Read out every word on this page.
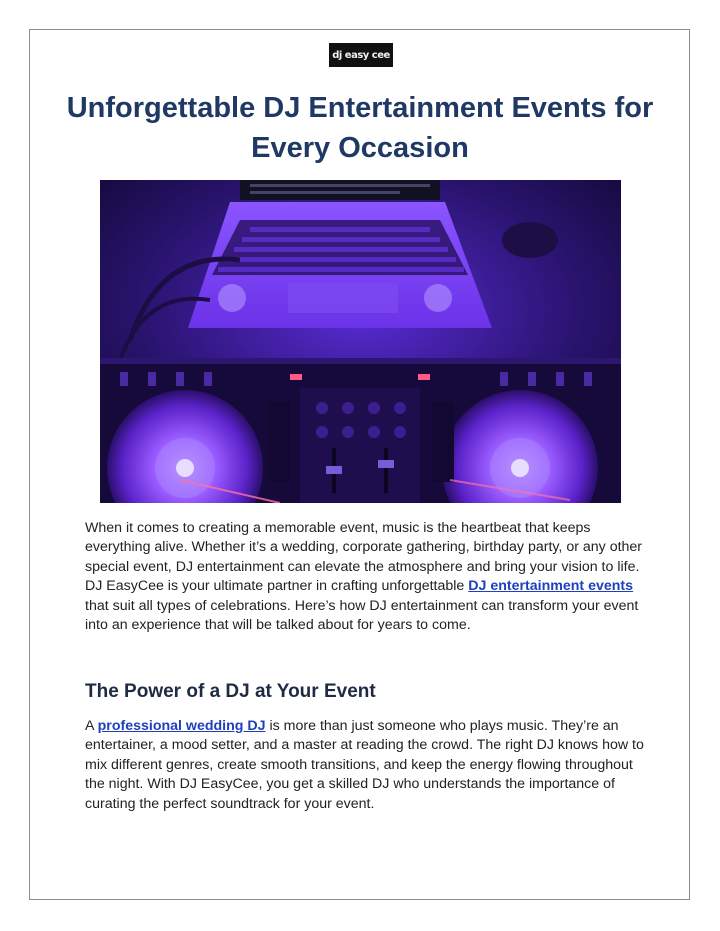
dj easy cee
Unforgettable DJ Entertainment Events for Every Occasion

When it comes to creating a memorable event, music is the heartbeat that keeps everything alive. Whether it’s a wedding, corporate gathering, birthday party, or any other special event, DJ entertainment can elevate the atmosphere and bring your vision to life. DJ EasyCee is your ultimate partner in crafting unforgettable DJ entertainment events that suit all types of celebrations. Here’s how DJ entertainment can transform your event into an experience that will be talked about for years to come.

The Power of a DJ at Your Event

A professional wedding DJ is more than just someone who plays music. They’re an entertainer, a mood setter, and a master at reading the crowd. The right DJ knows how to mix different genres, create smooth transitions, and keep the energy flowing throughout the night. With DJ EasyCee, you get a skilled DJ who understands the importance of curating the perfect soundtrack for your event.
